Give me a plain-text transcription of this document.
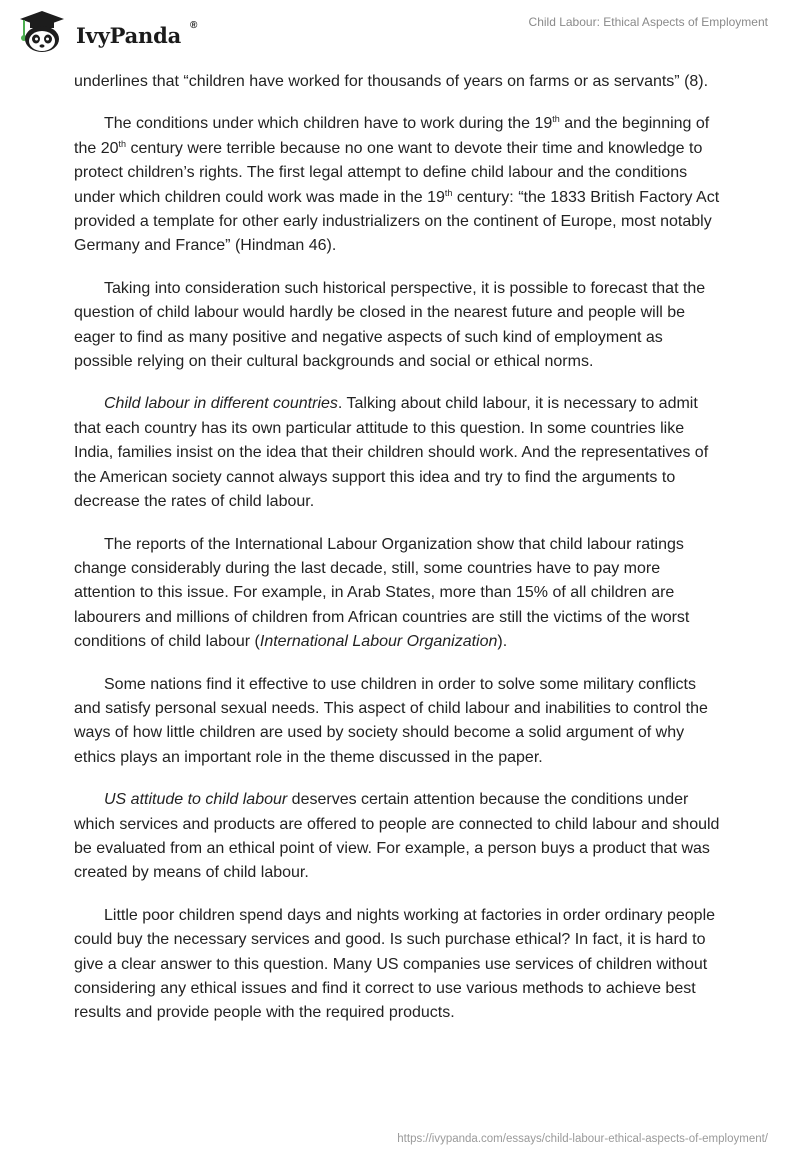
IvyPanda ®	Child Labour: Ethical Aspects of Employment

underlines that “children have worked for thousands of years on farms or as servants” (8).

The conditions under which children have to work during the 19th and the beginning of the 20th century were terrible because no one want to devote their time and knowledge to protect children’s rights. The first legal attempt to define child labour and the conditions under which children could work was made in the 19th century: “the 1833 British Factory Act provided a template for other early industrializers on the continent of Europe, most notably Germany and France” (Hindman 46).

Taking into consideration such historical perspective, it is possible to forecast that the question of child labour would hardly be closed in the nearest future and people will be eager to find as many positive and negative aspects of such kind of employment as possible relying on their cultural backgrounds and social or ethical norms.

Child labour in different countries. Talking about child labour, it is necessary to admit that each country has its own particular attitude to this question. In some countries like India, families insist on the idea that their children should work. And the representatives of the American society cannot always support this idea and try to find the arguments to decrease the rates of child labour.

The reports of the International Labour Organization show that child labour ratings change considerably during the last decade, still, some countries have to pay more attention to this issue. For example, in Arab States, more than 15% of all children are labourers and millions of children from African countries are still the victims of the worst conditions of child labour (International Labour Organization).

Some nations find it effective to use children in order to solve some military conflicts and satisfy personal sexual needs. This aspect of child labour and inabilities to control the ways of how little children are used by society should become a solid argument of why ethics plays an important role in the theme discussed in the paper.

US attitude to child labour deserves certain attention because the conditions under which services and products are offered to people are connected to child labour and should be evaluated from an ethical point of view. For example, a person buys a product that was created by means of child labour.

Little poor children spend days and nights working at factories in order ordinary people could buy the necessary services and good. Is such purchase ethical? In fact, it is hard to give a clear answer to this question. Many US companies use services of children without considering any ethical issues and find it correct to use various methods to achieve best results and provide people with the required products.

https://ivypanda.com/essays/child-labour-ethical-aspects-of-employment/
